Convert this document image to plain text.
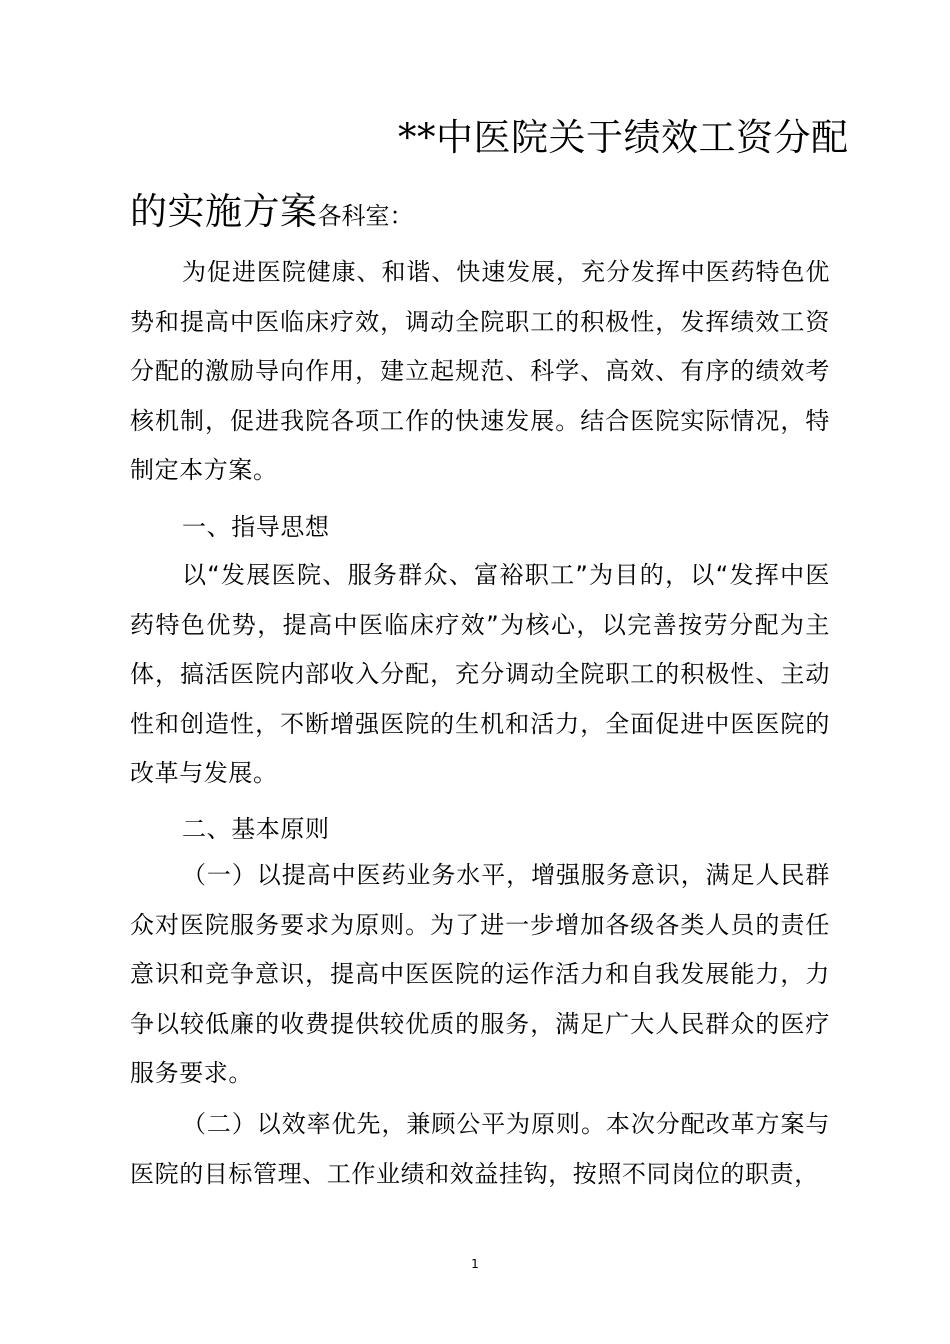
**中医院关于绩效工资分配
的实施方案各科室：
为促进医院健康、和谐、快速发展，充分发挥中医药特色优势和提高中医临床疗效，调动全院职工的积极性，发挥绩效工资分配的激励导向作用，建立起规范、科学、高效、有序的绩效考核机制，促进我院各项工作的快速发展。结合医院实际情况，特制定本方案。
一、指导思想
以“发展医院、服务群众、富裕职工”为目的，以“发挥中医药特色优势，提高中医临床疗效”为核心，以完善按劳分配为主体，搞活医院内部收入分配，充分调动全院职工的积极性、主动性和创造性，不断增强医院的生机和活力，全面促进中医医院的改革与发展。
二、基本原则
（一）以提高中医药业务水平，增强服务意识，满足人民群众对医院服务要求为原则。为了进一步增加各级各类人员的责任意识和竞争意识，提高中医医院的运作活力和自我发展能力，力争以较低廉的收费提供较优质的服务，满足广大人民群众的医疗服务要求。
（二）以效率优先，兼顾公平为原则。本次分配改革方案与医院的目标管理、工作业绩和效益挂钩，按照不同岗位的职责，
1
